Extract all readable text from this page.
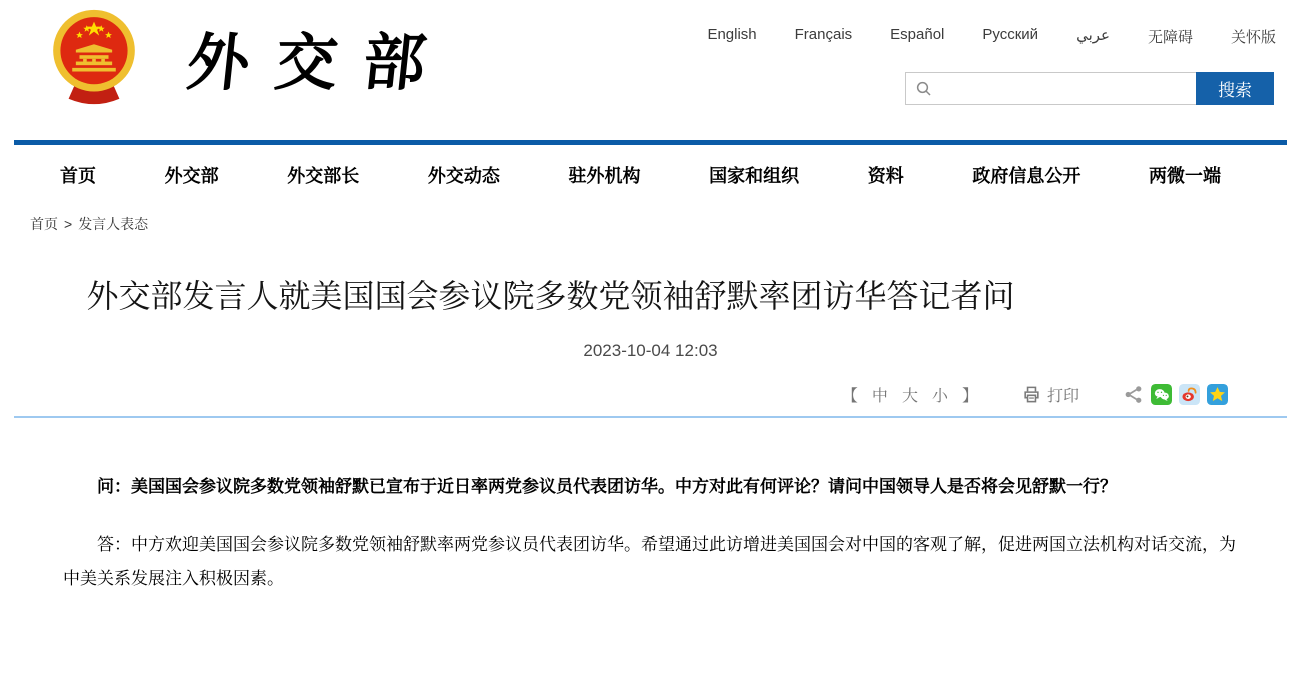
外交部	English	Français	Español	Русский	عربي	无障碍	关怀版
搜索
首页	外交部	外交部长	外交动态	驻外机构	国家和组织	资料	政府信息公开	两微一端
首页 > 发言人表态
外交部发言人就美国国会参议院多数党领袖舒默率团访华答记者问
2023-10-04 12:03
【 中 大 小 】	打印

问：美国国会参议院多数党领袖舒默已宣布于近日率两党参议员代表团访华。中方对此有何评论？请问中国领导人是否将会见舒默一行？

答：中方欢迎美国国会参议院多数党领袖舒默率两党参议员代表团访华。希望通过此访增进美国国会对中国的客观了解，促进两国立法机构对话交流，为中美关系发展注入积极因素。
